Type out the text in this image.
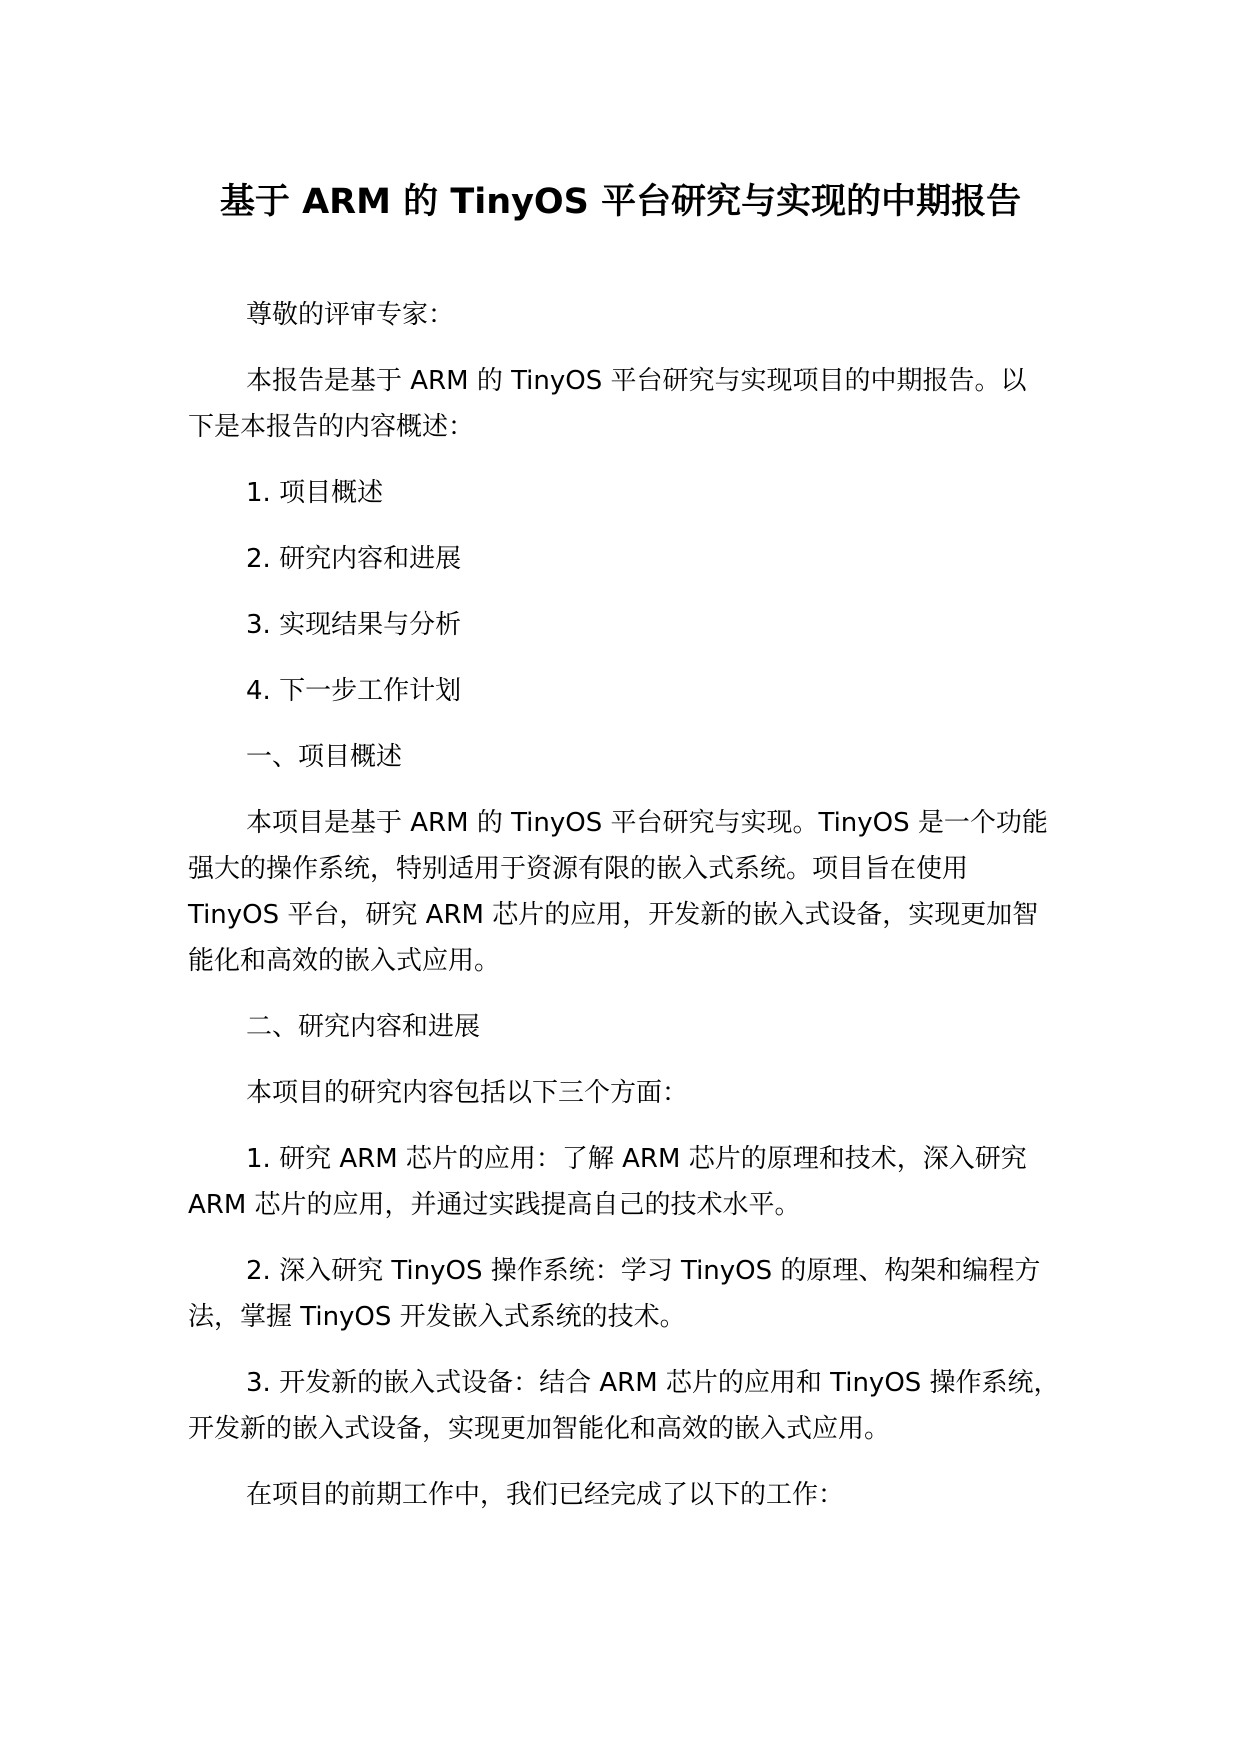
基于 ARM 的 TinyOS 平台研究与实现的中期报告

尊敬的评审专家：

本报告是基于 ARM 的 TinyOS 平台研究与实现项目的中期报告。以
下是本报告的内容概述：

1. 项目概述

2. 研究内容和进展

3. 实现结果与分析

4. 下一步工作计划

一、项目概述

本项目是基于 ARM 的 TinyOS 平台研究与实现。TinyOS 是一个功能
强大的操作系统，特别适用于资源有限的嵌入式系统。项目旨在使用
TinyOS 平台，研究 ARM 芯片的应用，开发新的嵌入式设备，实现更加智
能化和高效的嵌入式应用。

二、研究内容和进展

本项目的研究内容包括以下三个方面：

1. 研究 ARM 芯片的应用：了解 ARM 芯片的原理和技术，深入研究
ARM 芯片的应用，并通过实践提高自己的技术水平。

2. 深入研究 TinyOS 操作系统：学习 TinyOS 的原理、构架和编程方
法，掌握 TinyOS 开发嵌入式系统的技术。

3. 开发新的嵌入式设备：结合 ARM 芯片的应用和 TinyOS 操作系统，
开发新的嵌入式设备，实现更加智能化和高效的嵌入式应用。

在项目的前期工作中，我们已经完成了以下的工作：
